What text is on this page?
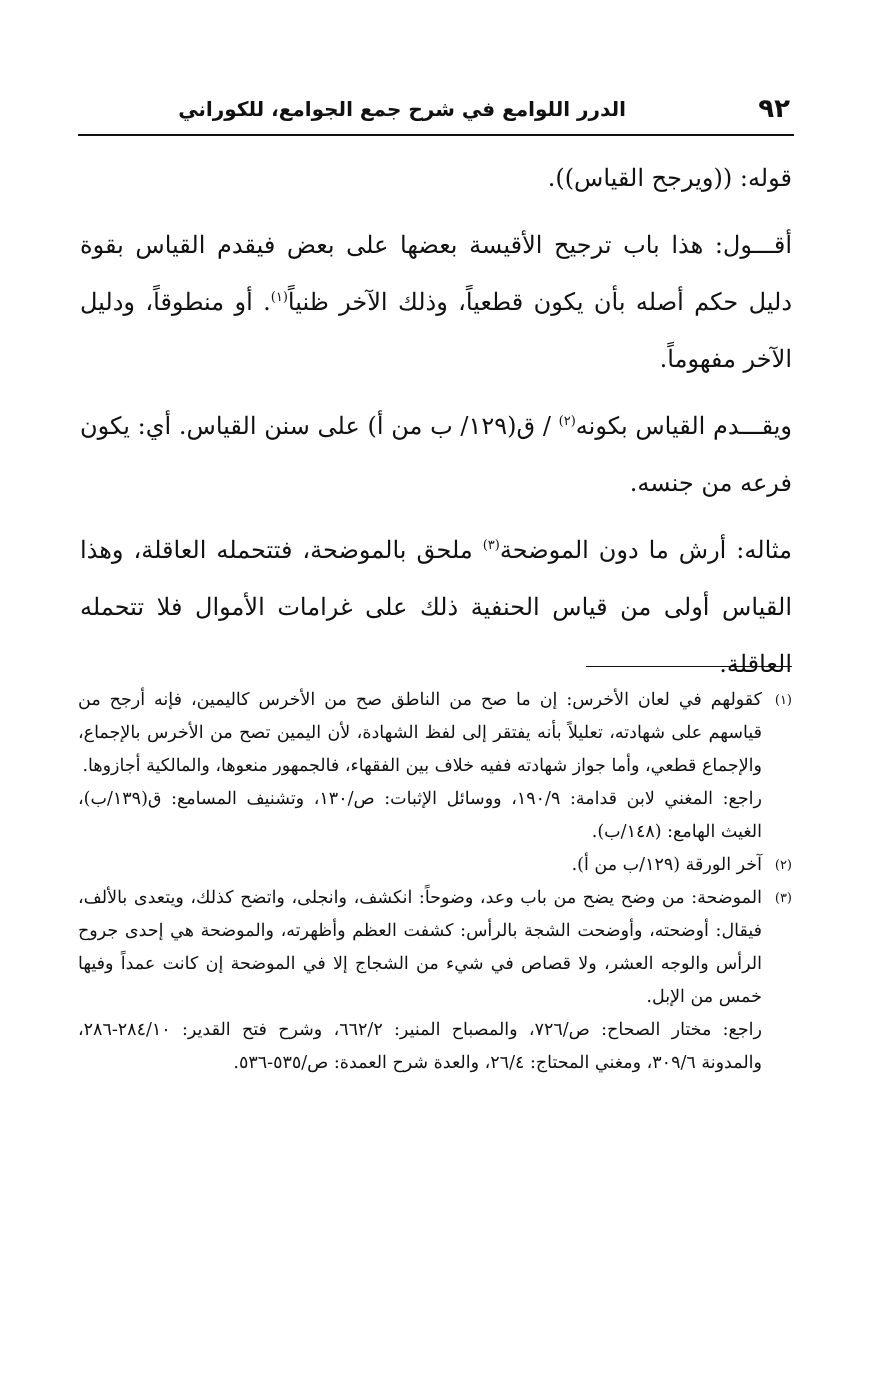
٩٢
الدرر اللوامع في شرح جمع الجوامع، للكوراني

قوله: ((ويرجح القياس)).

أقـــول: هذا باب ترجيح الأقيسة بعضها على بعض فيقدم القياس بقوة دليل حكم أصله بأن يكون قطعياً، وذلك الآخر ظنياً$^{(١)}$. أو منطوقاً، ودليل الآخر مفهوماً.

ويقـــدم القياس بكونه$^{(٢)}$ / ق(١٢٩/ ب من أ) على سنن القياس. أي: يكون فرعه من جنسه.

مثاله: أرش ما دون الموضحة$^{(٣)}$ ملحق بالموضحة، فتتحمله العاقلة، وهذا القياس أولى من قياس الحنفية ذلك على غرامات الأموال فلا تتحمله العاقلة.

(١)

كقولهم في لعان الأخرس: إن ما صح من الناطق صح من الأخرس كاليمين، فإنه أرجح من قياسهم على شهادته، تعليلاً بأنه يفتقر إلى لفظ الشهادة، لأن اليمين تصح من الأخرس بالإجماع، والإجماع قطعي، وأما جواز شهادته ففيه خلاف بين الفقهاء، فالجمهور منعوها، والمالكية أجازوها.

راجع: المغني لابن قدامة: ١٩٠/٩، ووسائل الإثبات: ص/١٣٠، وتشنيف المسامع: ق(١٣٩/ب)، الغيث الهامع: (١٤٨/ب).

(٢)

آخر الورقة (١٢٩/ب من أ).

(٣)

الموضحة: من وضح يضح من باب وعد، وضوحاً: انكشف، وانجلى، واتضح كذلك، ويتعدى بالألف، فيقال: أوضحته، وأوضحت الشجة بالرأس: كشفت العظم وأظهرته، والموضحة هي إحدى جروح الرأس والوجه العشر، ولا قصاص في شيء من الشجاج إلا في الموضحة إن كانت عمداً وفيها خمس من الإبل.

راجع: مختار الصحاح: ص/٧٢٦، والمصباح المنير: ٦٦٢/٢، وشرح فتح القدير: ٢٨٤/١٠-٢٨٦، والمدونة ٣٠٩/٦، ومغني المحتاج: ٢٦/٤، والعدة شرح العمدة: ص/٥٣٥-٥٣٦.
